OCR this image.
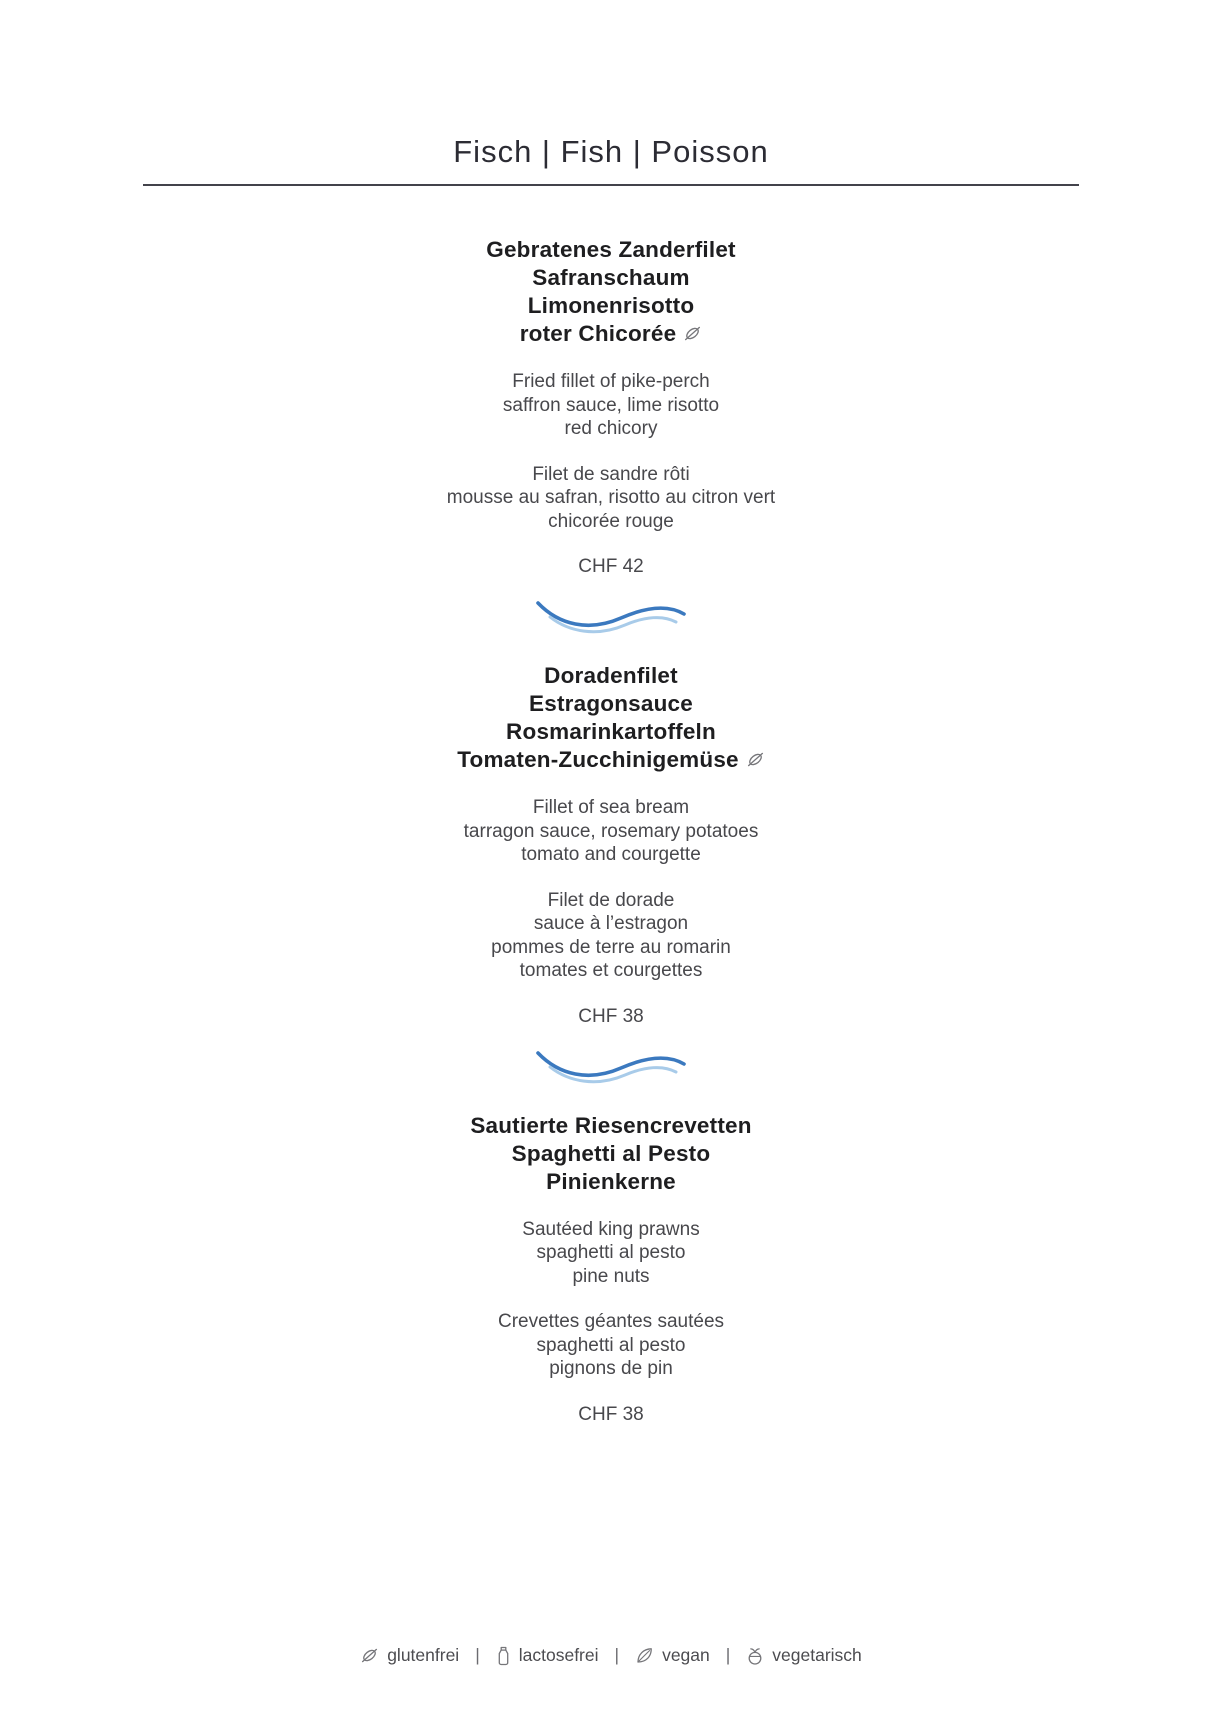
Fisch | Fish | Poisson
Gebratenes Zanderfilet
Safranschaum
Limonenrisotto
roter Chicorée

Fried fillet of pike-perch
saffron sauce, lime risotto
red chicory

Filet de sandre rôti
mousse au safran, risotto au citron vert
chicorée rouge

CHF 42
Doradenfilet
Estragonsauce
Rosmarinkartoffeln
Tomaten-Zucchinigemüse

Fillet of sea bream
tarragon sauce, rosemary potatoes
tomato and courgette

Filet de dorade
sauce à l’estragon
pommes de terre au romarin
tomates et courgettes

CHF 38
Sautierte Riesencrevetten
Spaghetti al Pesto
Pinienkerne

Sautéed king prawns
spaghetti al pesto
pine nuts

Crevettes géantes sautées
spaghetti al pesto
pignons de pin

CHF 38
glutenfrei | lactosefrei | vegan | vegetarisch
